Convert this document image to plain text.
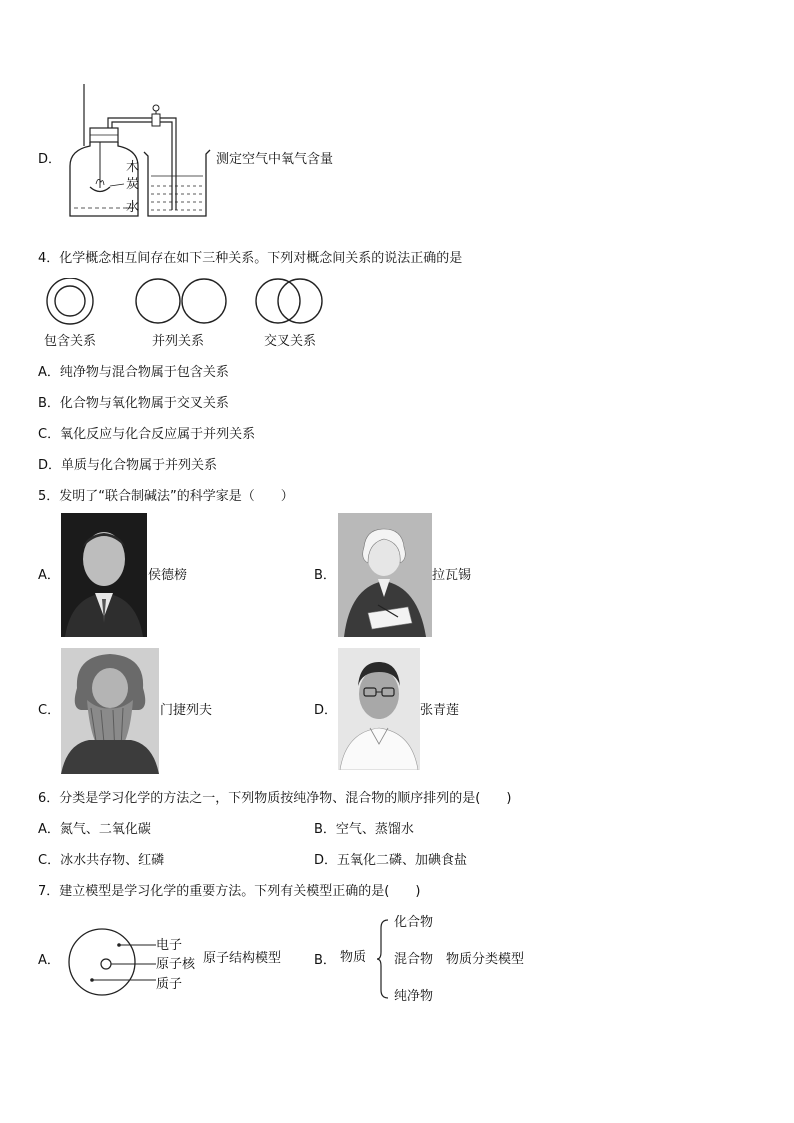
D．
木
炭
水
测定空气中氧气含量
4．化学概念相互间存在如下三种关系。下列对概念间关系的说法正确的是
包含关系	并列关系	交叉关系
A．纯净物与混合物属于包含关系
B．化合物与氧化物属于交叉关系
C．氧化反应与化合反应属于并列关系
D．单质与化合物属于并列关系
5．发明了“联合制碱法”的科学家是（　　）
A．	侯德榜	B．	拉瓦锡
C．	门捷列夫	D．	张青莲
6．分类是学习化学的方法之一，下列物质按纯净物、混合物的顺序排列的是(　　)
A．氮气、二氧化碳	B．空气、蒸馏水
C．冰水共存物、红磷	D．五氧化二磷、加碘食盐
7．建立模型是学习化学的重要方法。下列有关模型正确的是(　　)
A．
电子
原子核
质子
原子结构模型	B． 物质
化合物
混合物
纯净物
物质分类模型
